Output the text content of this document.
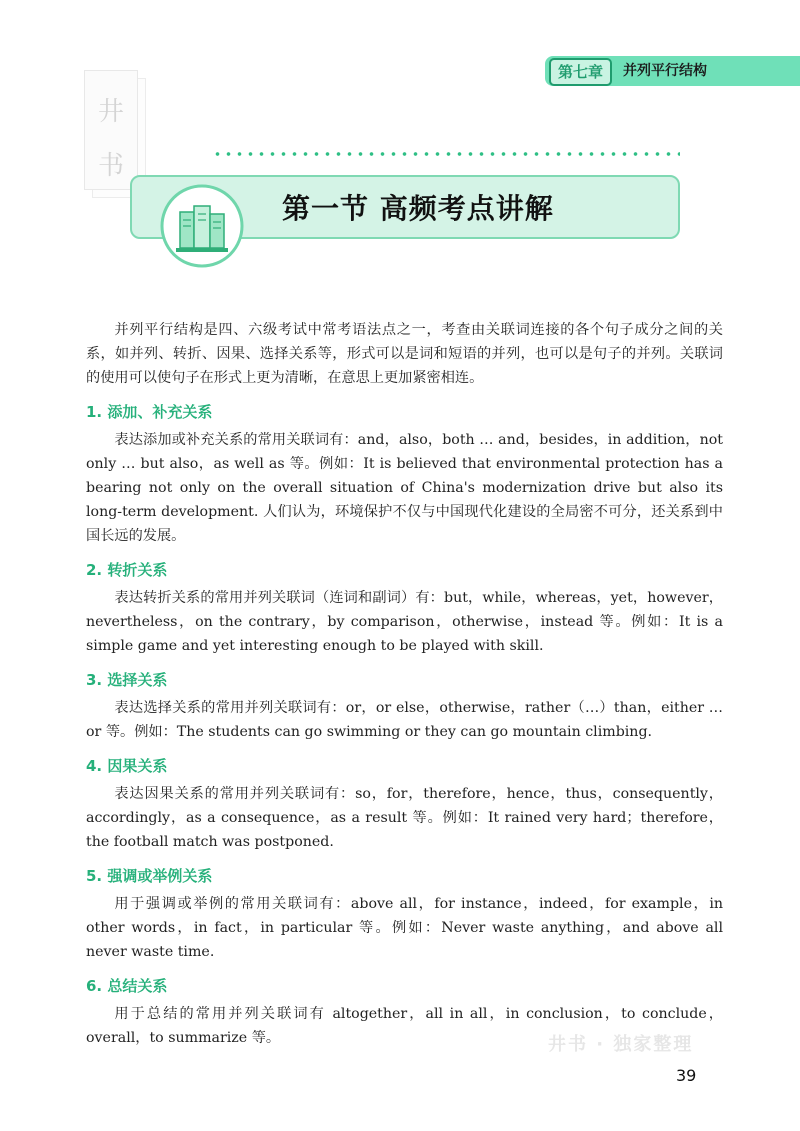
第七章	并列平行结构
井
书
第一节 高频考点讲解

并列平行结构是四、六级考试中常考语法点之一，考查由关联词连接的各个句子成分之间的关系，如并列、转折、因果、选择关系等，形式可以是词和短语的并列，也可以是句子的并列。关联词的使用可以使句子在形式上更为清晰，在意思上更加紧密相连。

1. 添加、补充关系

表达添加或补充关系的常用关联词有：and，also，both … and，besides，in addition，not only … but also，as well as 等。例如：It is believed that environmental protection has a bearing not only on the overall situation of China's modernization drive but also its long-term development. 人们认为，环境保护不仅与中国现代化建设的全局密不可分，还关系到中国长远的发展。

2. 转折关系

表达转折关系的常用并列关联词（连词和副词）有：but，while，whereas，yet，however，nevertheless，on the contrary，by comparison，otherwise，instead 等。例如：It is a simple game and yet interesting enough to be played with skill.

3. 选择关系

表达选择关系的常用并列关联词有：or，or else，otherwise，rather（…）than，either … or 等。例如：The students can go swimming or they can go mountain climbing.

4. 因果关系

表达因果关系的常用并列关联词有：so，for，therefore，hence，thus，consequently，accordingly，as a consequence，as a result 等。例如：It rained very hard；therefore，the football match was postponed.

5. 强调或举例关系

用于强调或举例的常用关联词有：above all，for instance，indeed，for example，in other words，in fact，in particular 等。例如：Never waste anything，and above all never waste time.

6. 总结关系

用于总结的常用并列关联词有 altogether，all in all，in conclusion，to conclude，overall，to summarize 等。	井书 · 独家整理
39
